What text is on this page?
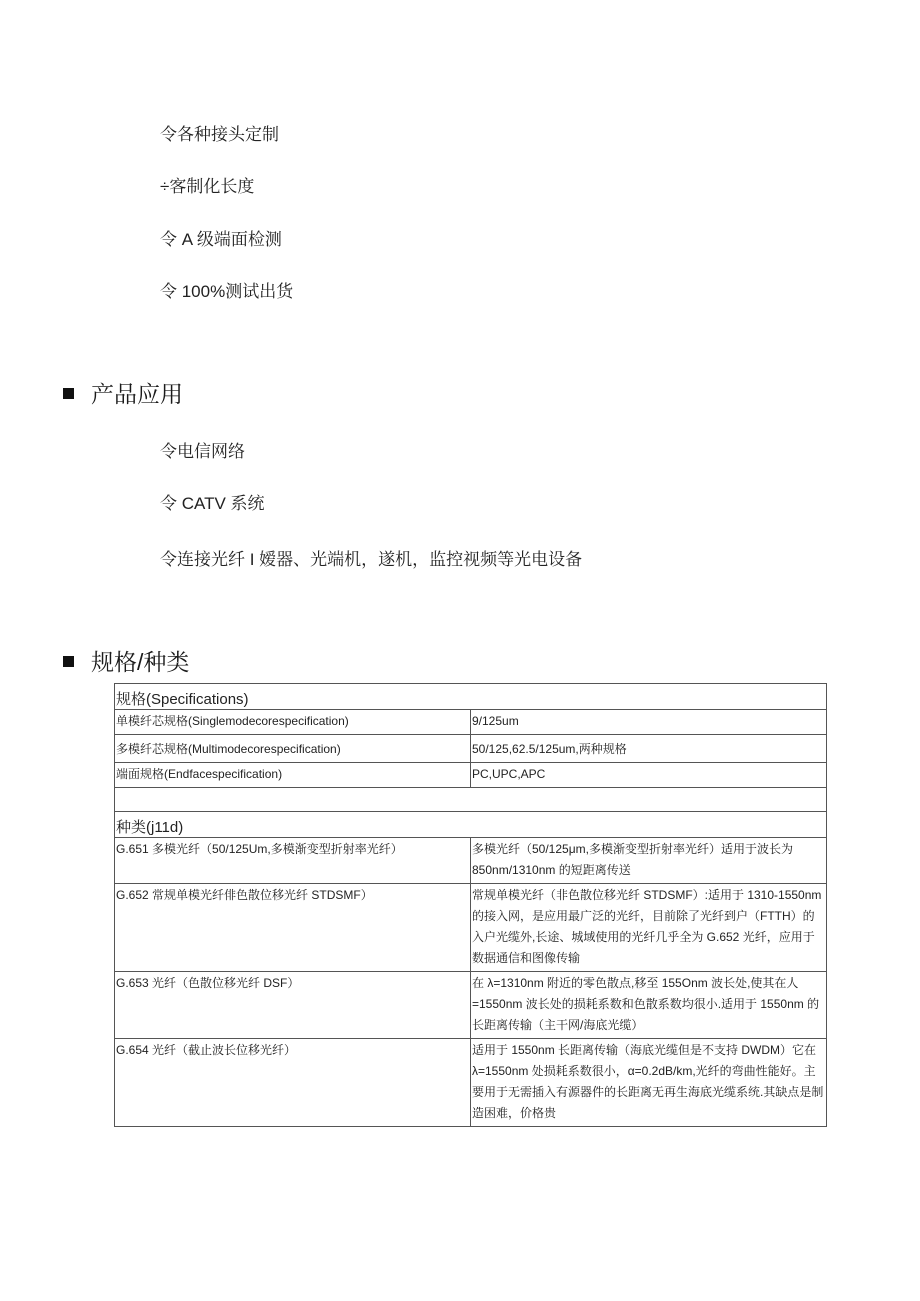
令各种接头定制
÷客制化长度
令 A 级端面检测
令 100%测试出货
产品应用
令电信网络
令 CATV 系统
令连接光纤 I 嫒器、光端机，遂机，监控视频等光电设备
规格/种类
规格(Specifications)	
单模纤芯规格(Singlemodecorespecification)	9/125um
多模纤芯规格(Multimodecorespecification)	50/125,62.5/125um,两种规格
端面规格(Endfacespecification)	PC,UPC,APC

种类(j11d)	
G.651 多模光纤（50/125Um,多模渐变型折射率光纤）	多模光纤（50/125μm,多模渐变型折射率光纤）适用于波长为850nm/1310nm 的短距离传送
G.652 常规单模光纤俳色散位移光纤 STDSMF）	常规单模光纤（非色散位移光纤 STDSMF）:适用于 1310-1550nm 的接入网，是应用最广泛的光纤，目前除了光纤到户（FTTH）的入户光缆外,长途、城域使用的光纤几乎全为 G.652 光纤，应用于数据通信和图像传输
G.653 光纤（色散位移光纤 DSF）	在 λ=1310nm 附近的零色散点,移至 155Onm 波长处,使其在人=1550nm 波长处的损耗系数和色散系数均很小.适用于 1550nm 的长距离传输（主干网/海底光缆）
G.654 光纤（截止波长位移光纤）	适用于 1550nm 长距离传输（海底光缆但是不支持 DWDM）它在λ=1550nm 处损耗系数很小，α=0.2dB/km,光纤的弯曲性能好。主要用于无需插入有源器件的长距离无再生海底光缆系统.其缺点是制造困难，价格贵
